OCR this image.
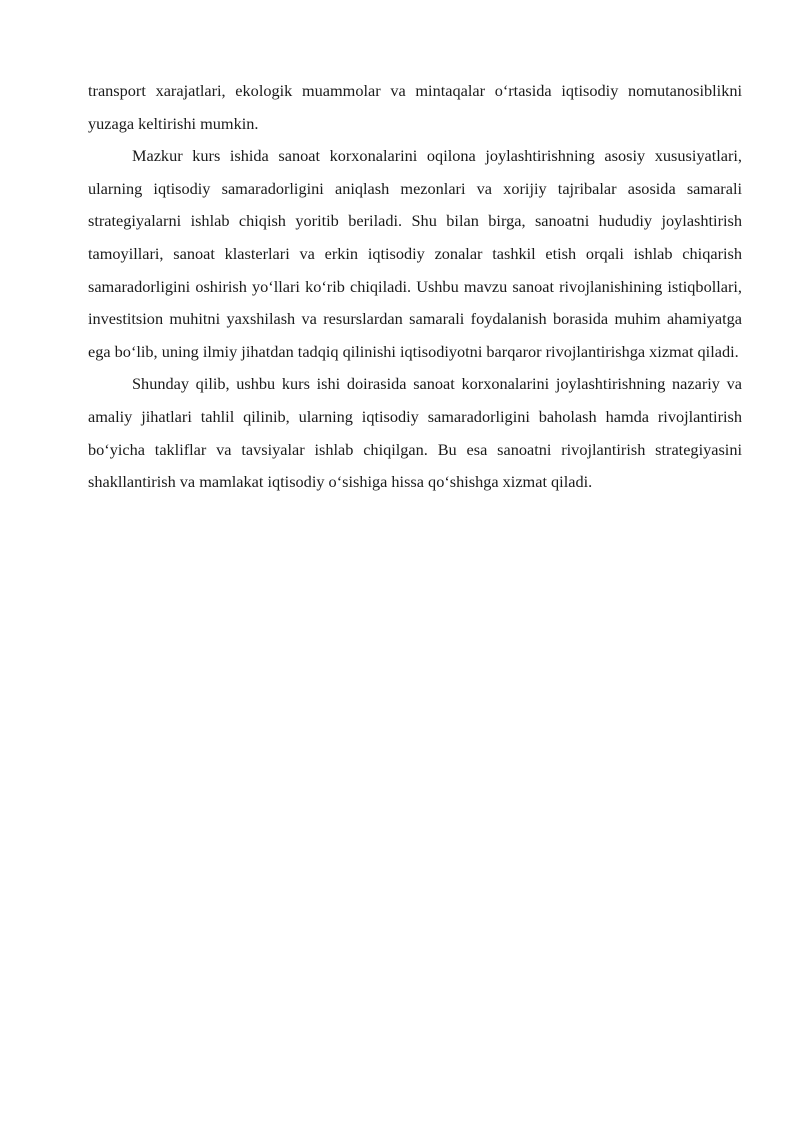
transport xarajatlari, ekologik muammolar va mintaqalar oʻrtasida iqtisodiy nomutanosiblikni yuzaga keltirishi mumkin.

Mazkur kurs ishida sanoat korxonalarini oqilona joylashtirishning asosiy xususiyatlari, ularning iqtisodiy samaradorligini aniqlash mezonlari va xorijiy tajribalar asosida samarali strategiyalarni ishlab chiqish yoritib beriladi. Shu bilan birga, sanoatni hududiy joylashtirish tamoyillari, sanoat klasterlari va erkin iqtisodiy zonalar tashkil etish orqali ishlab chiqarish samaradorligini oshirish yoʻllari koʻrib chiqiladi. Ushbu mavzu sanoat rivojlanishining istiqbollari, investitsion muhitni yaxshilash va resurslardan samarali foydalanish borasida muhim ahamiyatga ega boʻlib, uning ilmiy jihatdan tadqiq qilinishi iqtisodiyotni barqaror rivojlantirishga xizmat qiladi.

Shunday qilib, ushbu kurs ishi doirasida sanoat korxonalarini joylashtirishning nazariy va amaliy jihatlari tahlil qilinib, ularning iqtisodiy samaradorligini baholash hamda rivojlantirish boʻyicha takliflar va tavsiyalar ishlab chiqilgan. Bu esa sanoatni rivojlantirish strategiyasini shakllantirish va mamlakat iqtisodiy oʻsishiga hissa qoʻshishga xizmat qiladi.
